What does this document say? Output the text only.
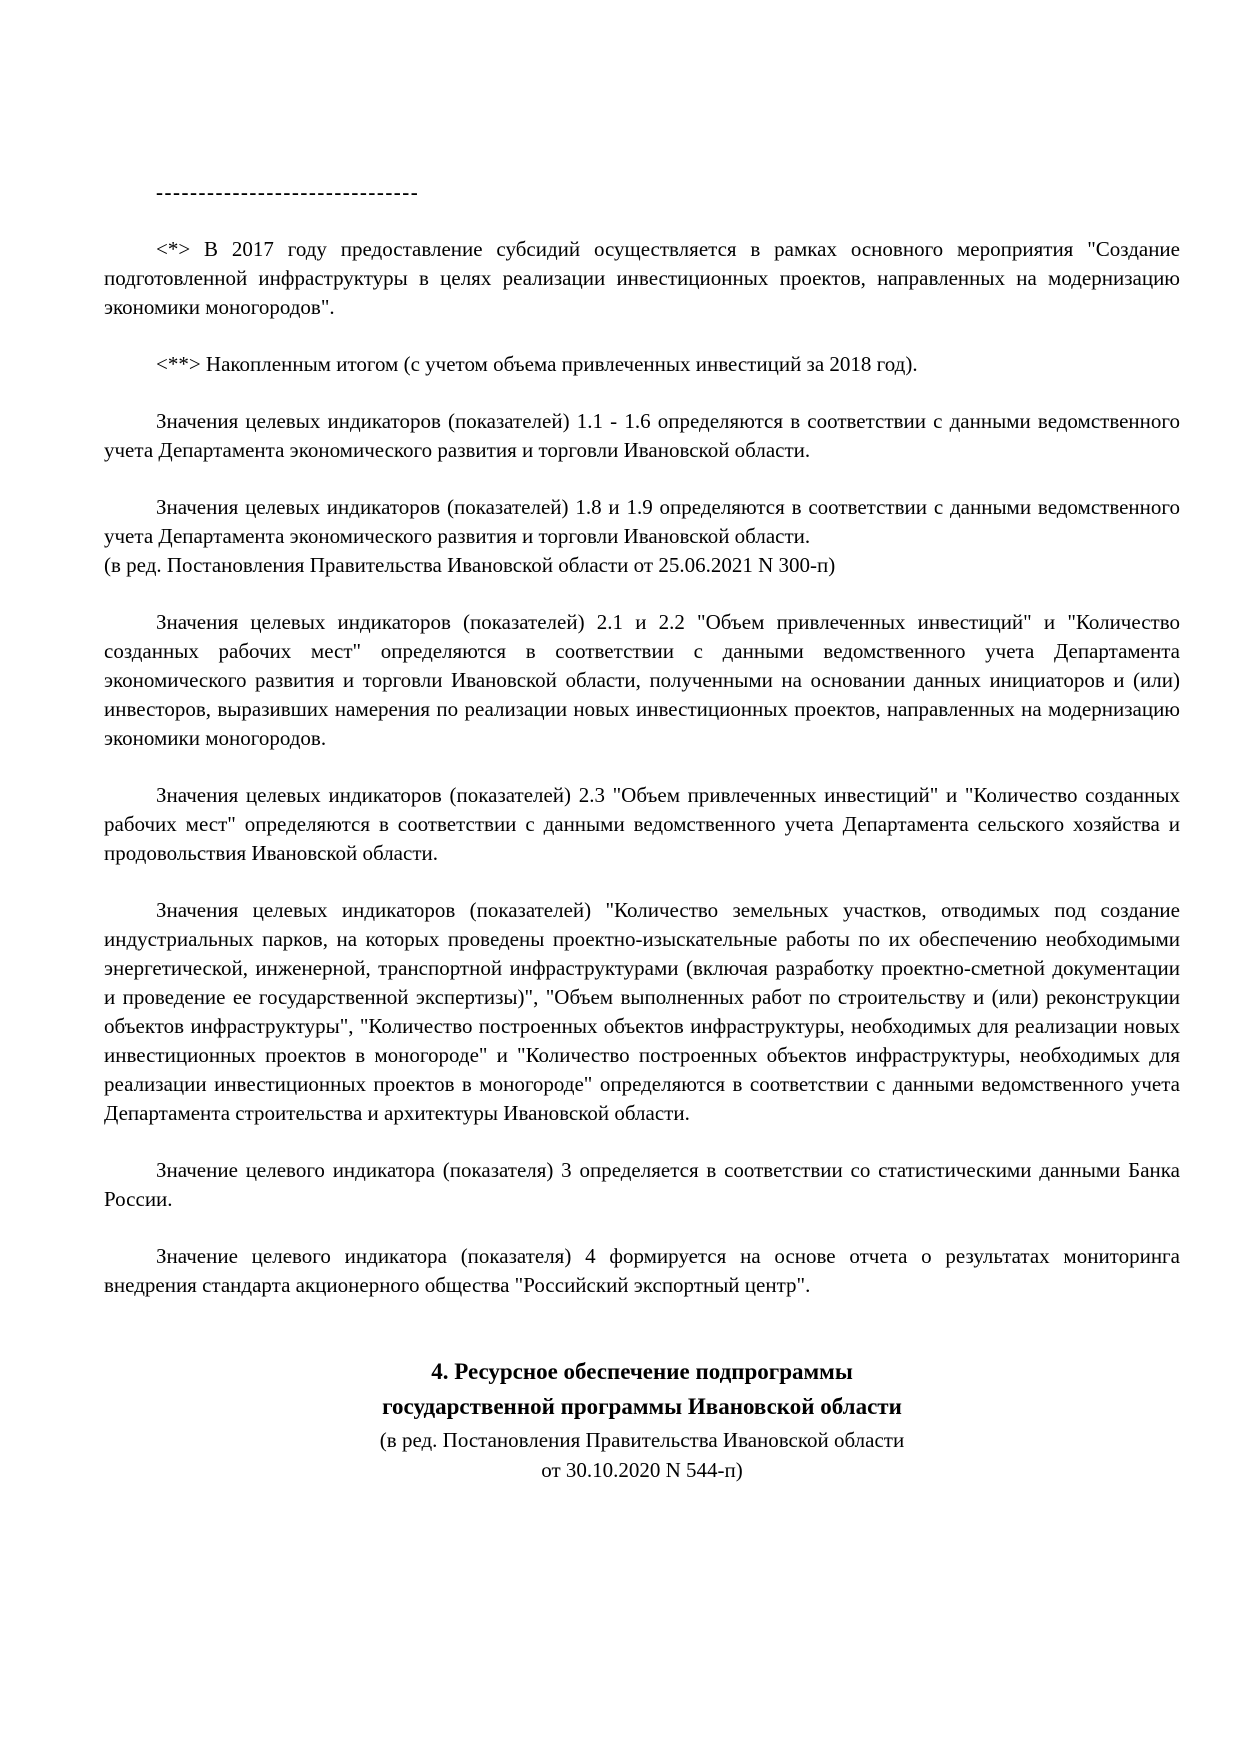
-------------------------------

<*> В 2017 году предоставление субсидий осуществляется в рамках основного мероприятия "Создание подготовленной инфраструктуры в целях реализации инвестиционных проектов, направленных на модернизацию экономики моногородов".

<**> Накопленным итогом (с учетом объема привлеченных инвестиций за 2018 год).

Значения целевых индикаторов (показателей) 1.1 - 1.6 определяются в соответствии с данными ведомственного учета Департамента экономического развития и торговли Ивановской области.

Значения целевых индикаторов (показателей) 1.8 и 1.9 определяются в соответствии с данными ведомственного учета Департамента экономического развития и торговли Ивановской области.

(в ред. Постановления Правительства Ивановской области от 25.06.2021 N 300-п)

Значения целевых индикаторов (показателей) 2.1 и 2.2 "Объем привлеченных инвестиций" и "Количество созданных рабочих мест" определяются в соответствии с данными ведомственного учета Департамента экономического развития и торговли Ивановской области, полученными на основании данных инициаторов и (или) инвесторов, выразивших намерения по реализации новых инвестиционных проектов, направленных на модернизацию экономики моногородов.

Значения целевых индикаторов (показателей) 2.3 "Объем привлеченных инвестиций" и "Количество созданных рабочих мест" определяются в соответствии с данными ведомственного учета Департамента сельского хозяйства и продовольствия Ивановской области.

Значения целевых индикаторов (показателей) "Количество земельных участков, отводимых под создание индустриальных парков, на которых проведены проектно-изыскательные работы по их обеспечению необходимыми энергетической, инженерной, транспортной инфраструктурами (включая разработку проектно-сметной документации и проведение ее государственной экспертизы)", "Объем выполненных работ по строительству и (или) реконструкции объектов инфраструктуры", "Количество построенных объектов инфраструктуры, необходимых для реализации новых инвестиционных проектов в моногороде" и "Количество построенных объектов инфраструктуры, необходимых для реализации инвестиционных проектов в моногороде" определяются в соответствии с данными ведомственного учета Департамента строительства и архитектуры Ивановской области.

Значение целевого индикатора (показателя) 3 определяется в соответствии со статистическими данными Банка России.

Значение целевого индикатора (показателя) 4 формируется на основе отчета о результатах мониторинга внедрения стандарта акционерного общества "Российский экспортный центр".

4. Ресурсное обеспечение подпрограммы
государственной программы Ивановской области

(в ред. Постановления Правительства Ивановской области
от 30.10.2020 N 544-п)
